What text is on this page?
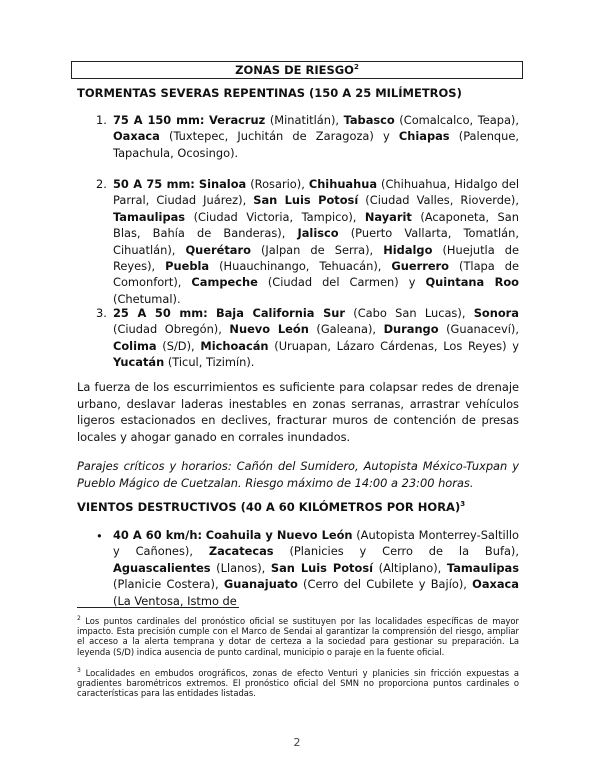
ZONAS DE RIESGO$^2$
TORMENTAS SEVERAS REPENTINAS (150 A 25 MILÍMETROS)
1. 75 A 150 mm: Veracruz (Minatitlán), Tabasco (Comalcalco, Teapa), Oaxaca (Tuxtepec, Juchitán de Zaragoza) y Chiapas (Palenque, Tapachula, Ocosingo).
2. 50 A 75 mm: Sinaloa (Rosario), Chihuahua (Chihuahua, Hidalgo del Parral, Ciudad Juárez), San Luis Potosí (Ciudad Valles, Rioverde), Tamaulipas (Ciudad Victoria, Tampico), Nayarit (Acaponeta, San Blas, Bahía de Banderas), Jalisco (Puerto Vallarta, Tomatlán, Cihuatlán), Querétaro (Jalpan de Serra), Hidalgo (Huejutla de Reyes), Puebla (Huauchinango, Tehuacán), Guerrero (Tlapa de Comonfort), Campeche (Ciudad del Carmen) y Quintana Roo (Chetumal).
3. 25 A 50 mm: Baja California Sur (Cabo San Lucas), Sonora (Ciudad Obregón), Nuevo León (Galeana), Durango (Guanaceví), Colima (S/D), Michoacán (Uruapan, Lázaro Cárdenas, Los Reyes) y Yucatán (Ticul, Tizimín).
La fuerza de los escurrimientos es suficiente para colapsar redes de drenaje urbano, deslavar laderas inestables en zonas serranas, arrastrar vehículos ligeros estacionados en declives, fracturar muros de contención de presas locales y ahogar ganado en corrales inundados.
Parajes críticos y horarios: Cañón del Sumidero, Autopista México-Tuxpan y Pueblo Mágico de Cuetzalan. Riesgo máximo de 14:00 a 23:00 horas.
VIENTOS DESTRUCTIVOS (40 A 60 KILÓMETROS POR HORA)$^3$
• 40 A 60 km/h: Coahuila y Nuevo León (Autopista Monterrey-Saltillo y Cañones), Zacatecas (Planicies y Cerro de la Bufa), Aguascalientes (Llanos), San Luis Potosí (Altiplano), Tamaulipas (Planicie Costera), Guanajuato (Cerro del Cubilete y Bajío), Oaxaca (La Ventosa, Istmo de
$^2$ Los puntos cardinales del pronóstico oficial se sustituyen por las localidades específicas de mayor impacto. Esta precisión cumple con el Marco de Sendai al garantizar la comprensión del riesgo, ampliar el acceso a la alerta temprana y dotar de certeza a la sociedad para gestionar su preparación. La leyenda (S/D) indica ausencia de punto cardinal, municipio o paraje en la fuente oficial.
$^3$ Localidades en embudos orográficos, zonas de efecto Venturi y planicies sin fricción expuestas a gradientes barométricos extremos. El pronóstico oficial del SMN no proporciona puntos cardinales o características para las entidades listadas.
2
